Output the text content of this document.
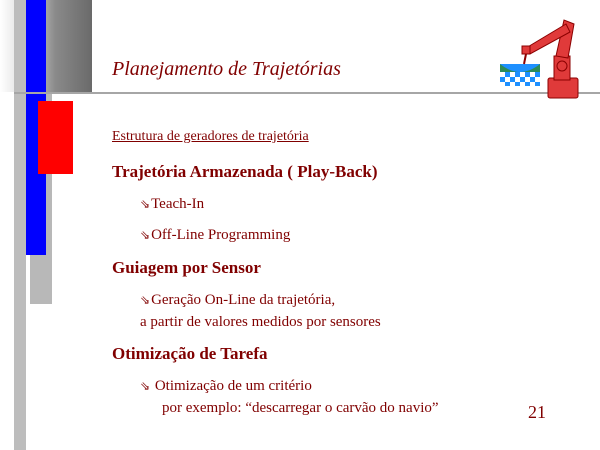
Planejamento de Trajetórias
Estrutura de geradores de trajetória
Trajetória Armazenada ( Play-Back)
⇘Teach-In
⇘Off-Line Programming
Guiagem por Sensor
⇘Geração On-Line da trajetória,
a partir de valores medidos por sensores
Otimização de Tarefa
⇘ Otimização de um critério
por exemplo: “descarregar o carvão do navio”	21
